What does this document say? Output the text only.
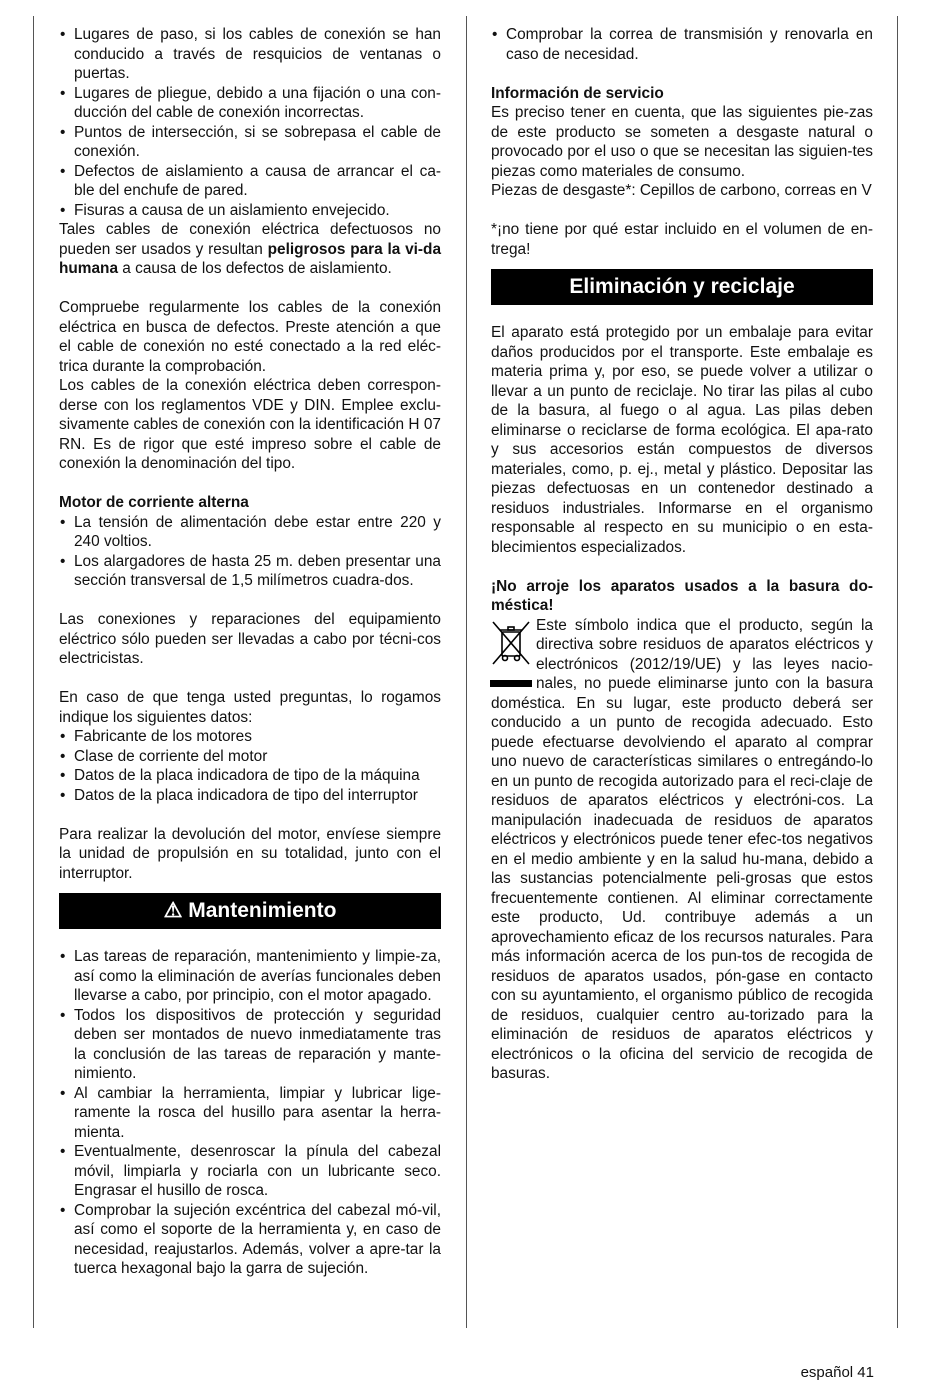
• Lugares de paso, si los cables de conexión se han conducido a través de resquicios de ventanas o puertas.
• Lugares de pliegue, debido a una fijación o una con-ducción del cable de conexión incorrectas.
• Puntos de intersección, si se sobrepasa el cable de conexión.
• Defectos de aislamiento a causa de arrancar el ca-ble del enchufe de pared.
• Fisuras a causa de un aislamiento envejecido.

Tales cables de conexión eléctrica defectuosos no pueden ser usados y resultan peligrosos para la vi-da humana a causa de los defectos de aislamiento.

Compruebe regularmente los cables de la conexión eléctrica en busca de defectos. Preste atención a que el cable de conexión no esté conectado a la red eléc-trica durante la comprobación.

Los cables de la conexión eléctrica deben correspon-derse con los reglamentos VDE y DIN. Emplee exclu-sivamente cables de conexión con la identificación H 07 RN. Es de rigor que esté impreso sobre el cable de conexión la denominación del tipo.

Motor de corriente alterna

• La tensión de alimentación debe estar entre 220 y 240 voltios.
• Los alargadores de hasta 25 m. deben presentar una sección transversal de 1,5 milímetros cuadra-dos.

Las conexiones y reparaciones del equipamiento eléctrico sólo pueden ser llevadas a cabo por técni-cos electricistas.

En caso de que tenga usted preguntas, lo rogamos indique los siguientes datos:

• Fabricante de los motores
• Clase de corriente del motor
• Datos de la placa indicadora de tipo de la máquina
• Datos de la placa indicadora de tipo del interruptor

Para realizar la devolución del motor, envíese siempre la unidad de propulsión en su totalidad, junto con el interruptor.

⚠ Mantenimiento
• Las tareas de reparación, mantenimiento y limpie-za, así como la eliminación de averías funcionales deben llevarse a cabo, por principio, con el motor apagado.
• Todos los dispositivos de protección y seguridad deben ser montados de nuevo inmediatamente tras la conclusión de las tareas de reparación y mante-nimiento.
• Al cambiar la herramienta, limpiar y lubricar lige-ramente la rosca del husillo para asentar la herra-mienta.
• Eventualmente, desenroscar la pínula del cabezal móvil, limpiarla y rociarla con un lubricante seco. Engrasar el husillo de rosca.
• Comprobar la sujeción excéntrica del cabezal mó-vil, así como el soporte de la herramienta y, en caso de necesidad, reajustarlos. Además, volver a apre-tar la tuerca hexagonal bajo la garra de sujeción.
• Comprobar la correa de transmisión y renovarla en caso de necesidad.

Información de servicio

Es preciso tener en cuenta, que las siguientes pie-zas de este producto se someten a desgaste natural o provocado por el uso o que se necesitan las siguien-tes piezas como materiales de consumo.

Piezas de desgaste*: Cepillos de carbono, correas en V

*¡no tiene por qué estar incluido en el volumen de en-trega!

Eliminación y reciclaje

El aparato está protegido por un embalaje para evitar daños producidos por el transporte. Este embalaje es materia prima y, por eso, se puede volver a utilizar o llevar a un punto de reciclaje. No tirar las pilas al cubo de la basura, al fuego o al agua. Las pilas deben eliminarse o reciclarse de forma ecológica. El apa-rato y sus accesorios están compuestos de diversos materiales, como, p. ej., metal y plástico. Depositar las piezas defectuosas en un contenedor destinado a residuos industriales. Informarse en el organismo responsable al respecto en su municipio o en esta-blecimientos especializados.

¡No arroje los aparatos usados a la basura do-méstica!

Este símbolo indica que el producto, según la directiva sobre residuos de aparatos eléctricos y electrónicos (2012/19/UE) y las leyes nacio-nales, no puede eliminarse junto con la basura doméstica. En su lugar, este producto deberá ser conducido a un punto de recogida adecuado. Esto puede efectuarse devolviendo el aparato al comprar uno nuevo de características similares o entregándo-lo en un punto de recogida autorizado para el reci-claje de residuos de aparatos eléctricos y electróni-cos. La manipulación inadecuada de residuos de aparatos eléctricos y electrónicos puede tener efec-tos negativos en el medio ambiente y en la salud hu-mana, debido a las sustancias potencialmente peli-grosas que estos frecuentemente contienen. Al eliminar correctamente este producto, Ud. contribuye además a un aprovechamiento eficaz de los recursos naturales. Para más información acerca de los pun-tos de recogida de residuos de aparatos usados, pón-gase en contacto con su ayuntamiento, el organismo público de recogida de residuos, cualquier centro au-torizado para la eliminación de residuos de aparatos eléctricos y electrónicos o la oficina del servicio de recogida de basuras.

español 41
